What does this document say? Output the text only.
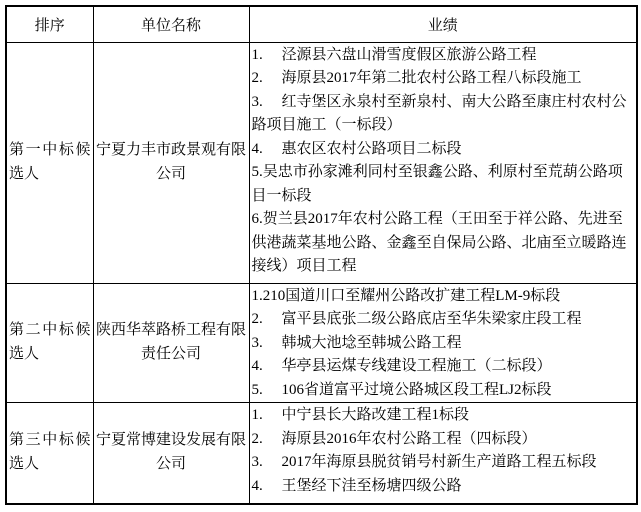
排序	单位名称	业绩
第一中标候选人	宁夏力丰市政景观有限公司	1.　 泾源县六盘山滑雪度假区旅游公路工程
2.　 海原县2017年第二批农村公路工程八标段施工
3.　 红寺堡区永泉村至新泉村、南大公路至康庄村农村公路项目施工（一标段）
4.　 惠农区农村公路项目二标段
5.吴忠市孙家滩利同村至银鑫公路、利原村至荒葫公路项目一标段
6.贺兰县2017年农村公路工程（王田至于祥公路、先进至供港蔬菜基地公路、金鑫至自保局公路、北庙至立暖路连接线）项目工程
第二中标候选人	陕西华萃路桥工程有限责任公司	1.210国道川口至耀州公路改扩建工程LM-9标段
2.　 富平县底张二级公路底店至华朱梁家庄段工程
3.　 韩城大池埝至韩城公路工程
4.　 华亭县运煤专线建设工程施工（二标段）
5.　 106省道富平过境公路城区段工程LJ2标段
第三中标候选人	宁夏常博建设发展有限公司	1.　 中宁县长大路改建工程1标段
2.　 海原县2016年农村公路工程（四标段）
3.　 2017年海原县脱贫销号村新生产道路工程五标段
4.　 王堡经下洼至杨塘四级公路
